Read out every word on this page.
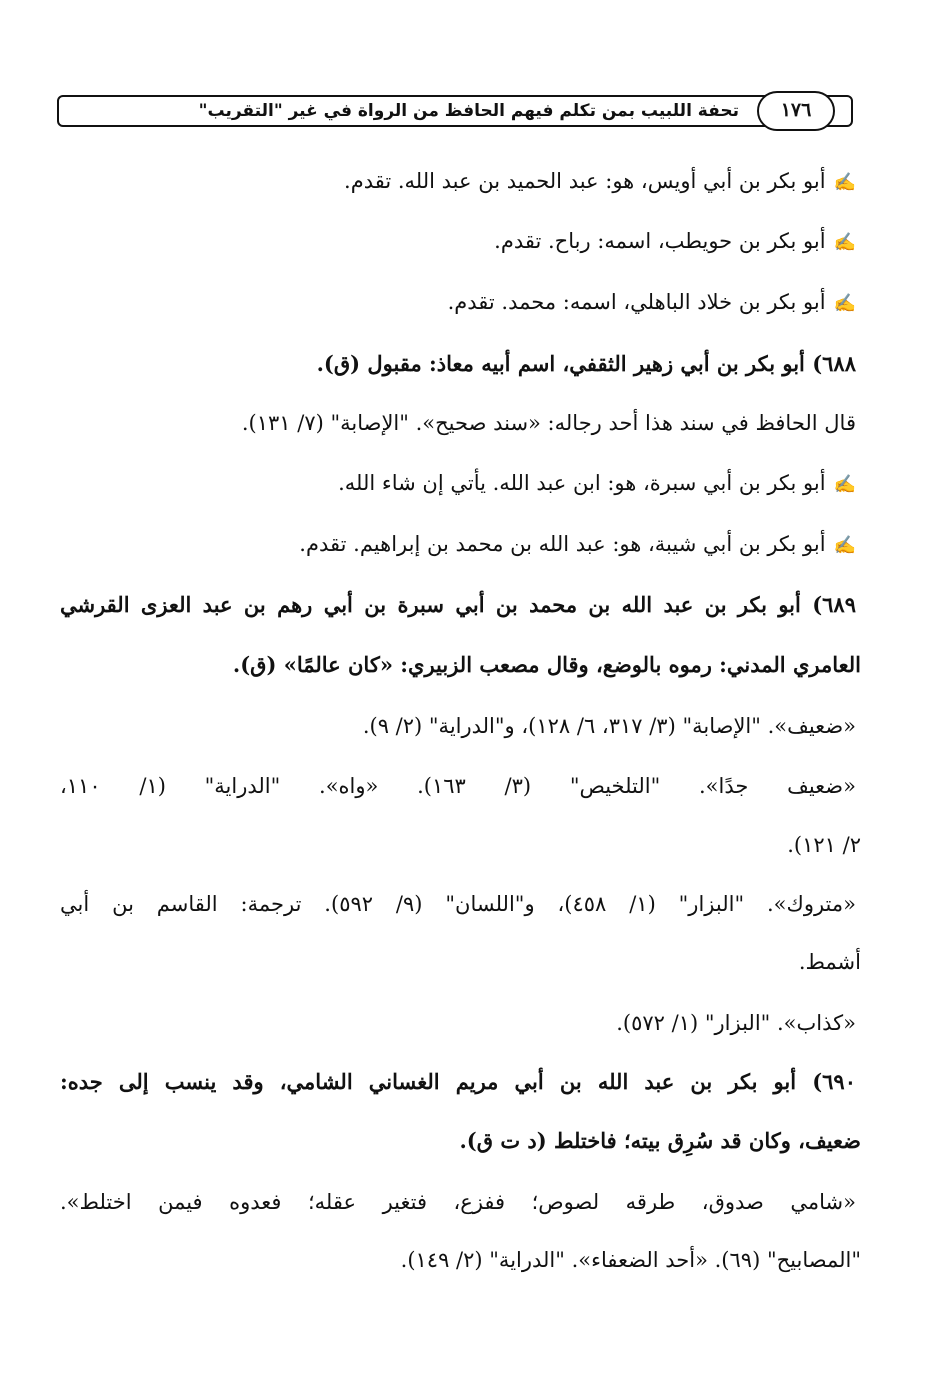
١٧٦
تحفة اللبيب بمن تكلم فيهم الحافظ من الرواة في غير "التقريب"
✍أبو بكر بن أبي أويس، هو: عبد الحميد بن عبد الله. تقدم.
✍أبو بكر بن حويطب، اسمه: رباح. تقدم.
✍أبو بكر بن خلاد الباهلي، اسمه: محمد. تقدم.
٦٨٨) أبو بكر بن أبي زهير الثقفي، اسم أبيه معاذ: مقبول (ق).
قال الحافظ في سند هذا أحد رجاله: «سند صحيح». "الإصابة" (٧/ ١٣١).
✍أبو بكر بن أبي سبرة، هو: ابن عبد الله. يأتي إن شاء الله.
✍أبو بكر بن أبي شيبة، هو: عبد الله بن محمد بن إبراهيم. تقدم.
٦٨٩) أبو بكر بن عبد الله بن محمد بن أبي سبرة بن أبي رهم بن عبد العزى القرشي
العامري المدني: رموه بالوضع، وقال مصعب الزبيري: «كان عالمًا» (ق).
«ضعيف». "الإصابة" (٣/ ٣١٧، ٦/ ١٢٨)، و"الدراية" (٢/ ٩).
«ضعيف جدًا». "التلخيص" (٣/ ١٦٣). «واه». "الدراية" (١/ ١١٠،
٢/ ١٢١).
«متروك». "البزار" (١/ ٤٥٨)، و"اللسان" (٩/ ٥٩٢). ترجمة: القاسم بن أبي
أشمط.
«كذاب». "البزار" (١/ ٥٧٢).
٦٩٠) أبو بكر بن عبد الله بن أبي مريم الغساني الشامي، وقد ينسب إلى جده:
ضعيف، وكان قد سُرِق بيته؛ فاختلط (د ت ق).
«شامي صدوق، طرقه لصوص؛ ففزع، فتغير عقله؛ فعدوه فيمن اختلط».
"المصابيح" (٦٩). «أحد الضعفاء». "الدراية" (٢/ ١٤٩).
